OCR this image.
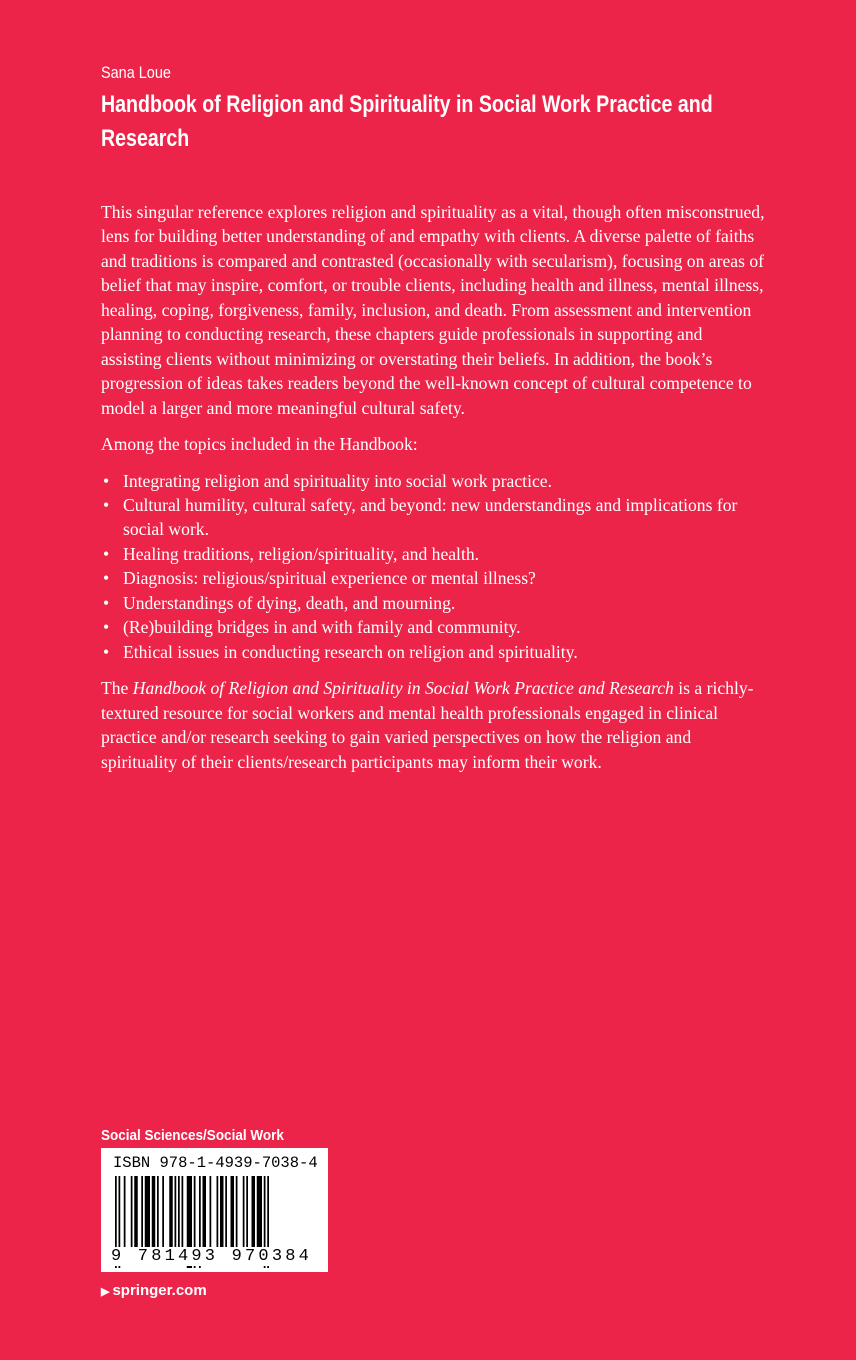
Sana Loue
Handbook of Religion and Spirituality in Social Work Practice and Research

This singular reference explores religion and spirituality as a vital, though often misconstrued, lens for building better understanding of and empathy with clients. A diverse palette of faiths and traditions is compared and contrasted (occasionally with secularism), focusing on areas of belief that may inspire, comfort, or trouble clients, including health and illness, mental illness, healing, coping, forgiveness, family, inclusion, and death. From assessment and intervention planning to conducting research, these chapters guide professionals in supporting and assisting clients without minimizing or overstating their beliefs. In addition, the book’s progression of ideas takes readers beyond the well-known concept of cultural competence to model a larger and more meaningful cultural safety.

Among the topics included in the Handbook:

• Integrating religion and spirituality into social work practice.
• Cultural humility, cultural safety, and beyond: new understandings and implications for social work.
• Healing traditions, religion/spirituality, and health.
• Diagnosis: religious/spiritual experience or mental illness?
• Understandings of dying, death, and mourning.
• (Re)building bridges in and with family and community.
• Ethical issues in conducting research on religion and spirituality.

The Handbook of Religion and Spirituality in Social Work Practice and Research is a richly-textured resource for social workers and mental health professionals engaged in clinical practice and/or research seeking to gain varied perspectives on how the religion and spirituality of their clients/research participants may inform their work.

Social Sciences/Social Work
ISBN 978-1-4939-7038-4
9 781493 970384
▶ springer.com
